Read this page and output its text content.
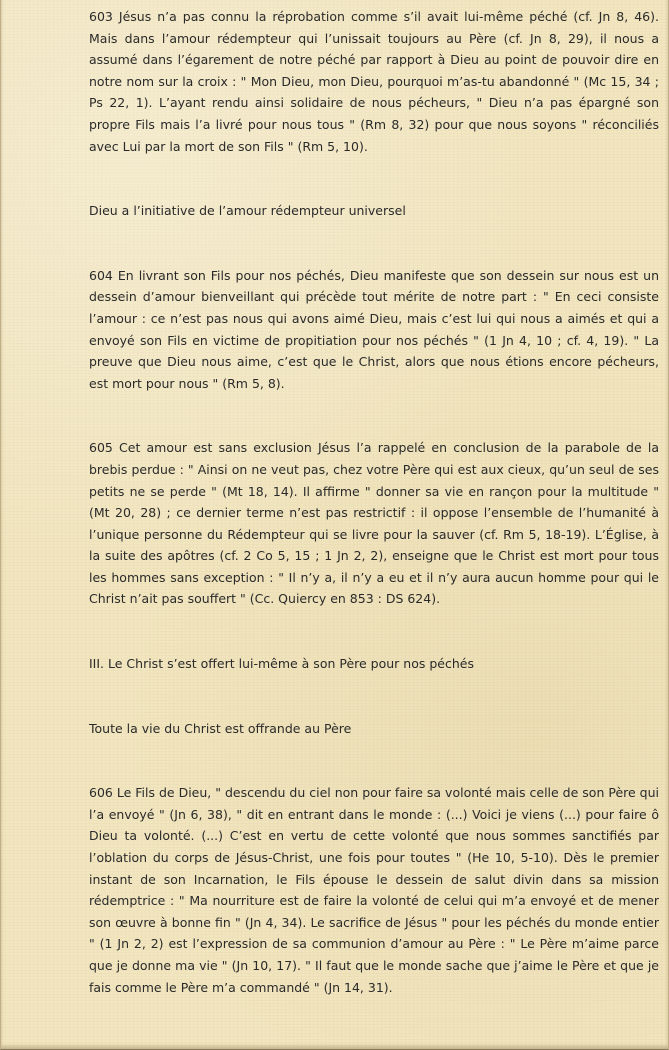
603 Jésus n’a pas connu la réprobation comme s’il avait lui-même péché (cf. Jn 8, 46). Mais dans l’amour rédempteur qui l’unissait toujours au Père (cf. Jn 8, 29), il nous a assumé dans l’égarement de notre péché par rapport à Dieu au point de pouvoir dire en notre nom sur la croix : " Mon Dieu, mon Dieu, pourquoi m’as-tu abandonné " (Mc 15, 34 ; Ps 22, 1). L’ayant rendu ainsi solidaire de nous pécheurs, " Dieu n’a pas épargné son propre Fils mais l’a livré pour nous tous " (Rm 8, 32) pour que nous soyons " réconciliés avec Lui par la mort de son Fils " (Rm 5, 10).

Dieu a l’initiative de l’amour rédempteur universel

604 En livrant son Fils pour nos péchés, Dieu manifeste que son dessein sur nous est un dessein d’amour bienveillant qui précède tout mérite de notre part : " En ceci consiste l’amour : ce n’est pas nous qui avons aimé Dieu, mais c’est lui qui nous a aimés et qui a envoyé son Fils en victime de propitiation pour nos péchés " (1 Jn 4, 10 ; cf. 4, 19). " La preuve que Dieu nous aime, c’est que le Christ, alors que nous étions encore pécheurs, est mort pour nous " (Rm 5, 8).

605 Cet amour est sans exclusion Jésus l’a rappelé en conclusion de la parabole de la brebis perdue : " Ainsi on ne veut pas, chez votre Père qui est aux cieux, qu’un seul de ses petits ne se perde " (Mt 18, 14). Il affirme " donner sa vie en rançon pour la multitude " (Mt 20, 28) ; ce dernier terme n’est pas restrictif : il oppose l’ensemble de l’humanité à l’unique personne du Rédempteur qui se livre pour la sauver (cf. Rm 5, 18-19). L’Église, à la suite des apôtres (cf. 2 Co 5, 15 ; 1 Jn 2, 2), enseigne que le Christ est mort pour tous les hommes sans exception : " Il n’y a, il n’y a eu et il n’y aura aucun homme pour qui le Christ n’ait pas souffert " (Cc. Quiercy en 853 : DS 624).

III. Le Christ s’est offert lui-même à son Père pour nos péchés

Toute la vie du Christ est offrande au Père

606 Le Fils de Dieu, " descendu du ciel non pour faire sa volonté mais celle de son Père qui l’a envoyé " (Jn 6, 38), " dit en entrant dans le monde : (...) Voici je viens (...) pour faire ô Dieu ta volonté. (...) C’est en vertu de cette volonté que nous sommes sanctifiés par l’oblation du corps de Jésus-Christ, une fois pour toutes " (He 10, 5-10). Dès le premier instant de son Incarnation, le Fils épouse le dessein de salut divin dans sa mission rédemptrice : " Ma nourriture est de faire la volonté de celui qui m’a envoyé et de mener son œuvre à bonne fin " (Jn 4, 34). Le sacrifice de Jésus " pour les péchés du monde entier " (1 Jn 2, 2) est l’expression de sa communion d’amour au Père : " Le Père m’aime parce que je donne ma vie " (Jn 10, 17). " Il faut que le monde sache que j’aime le Père et que je fais comme le Père m’a commandé " (Jn 14, 31).
